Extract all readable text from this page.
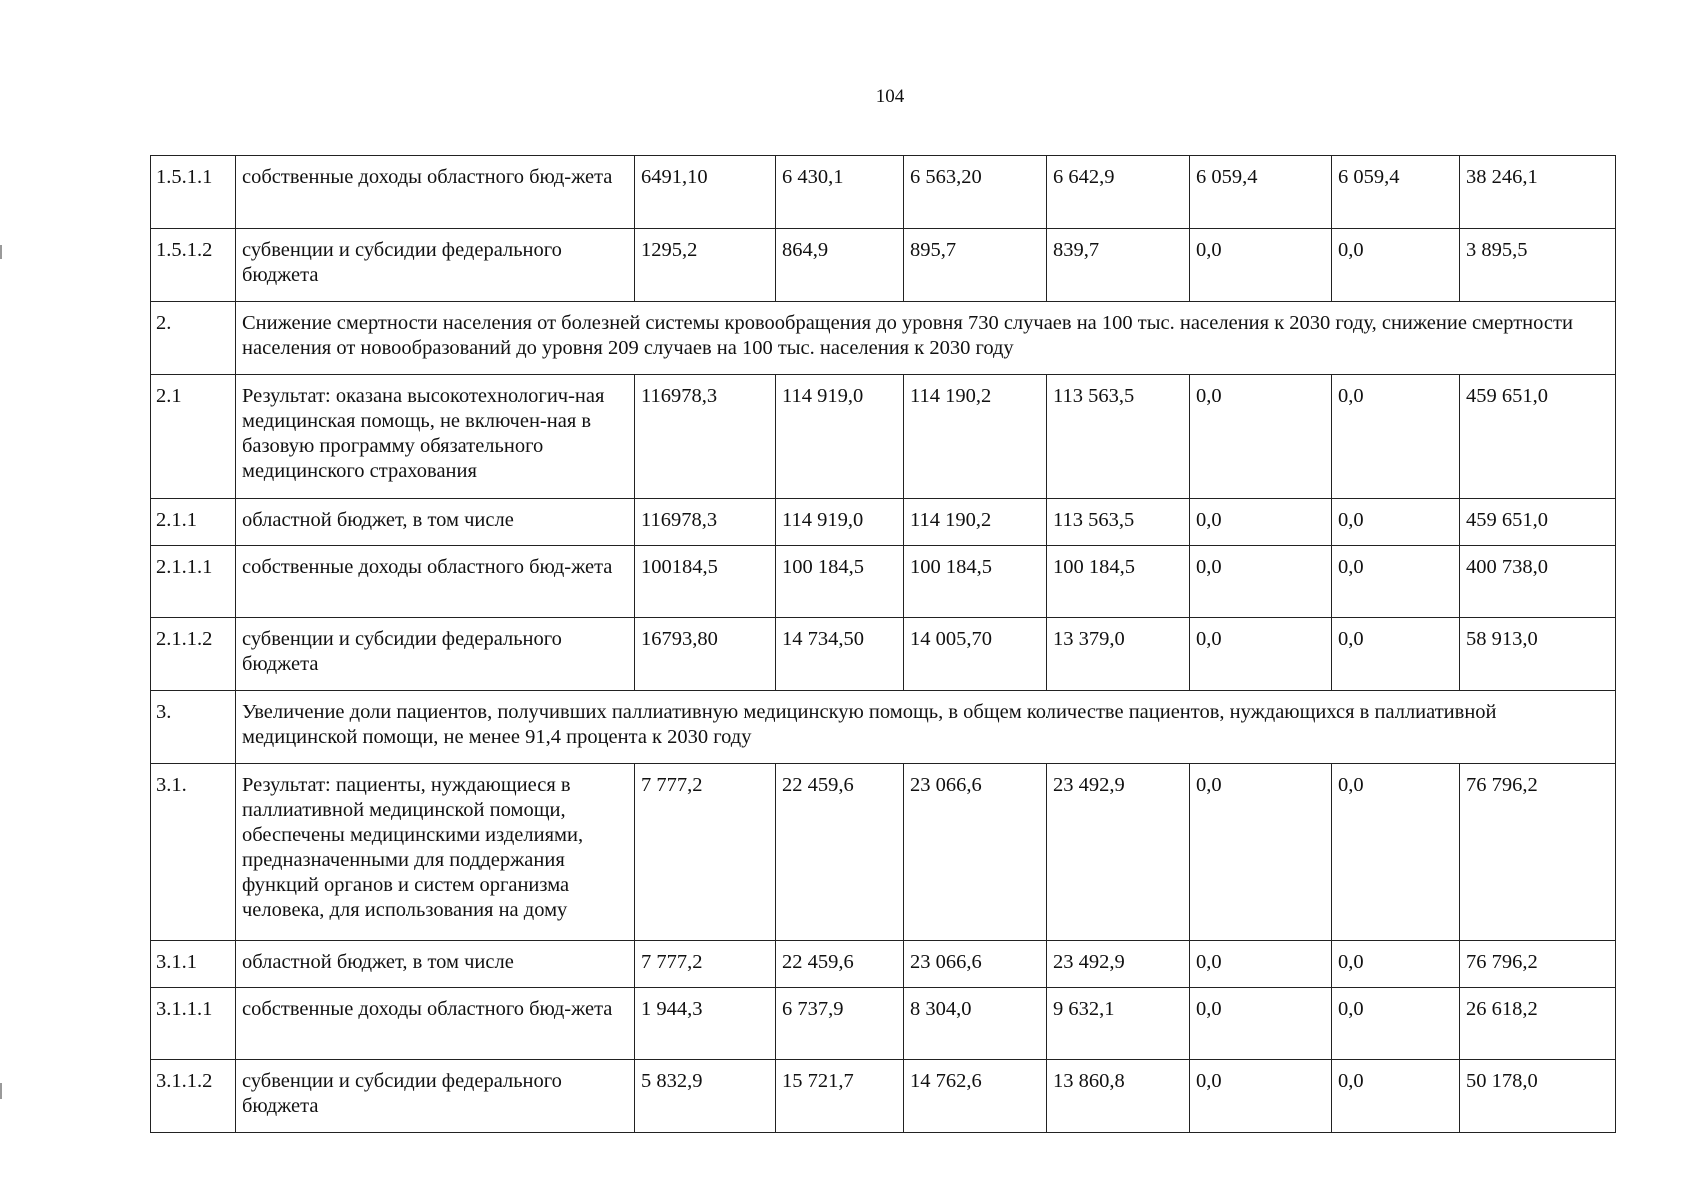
104
1.5.1.1	собственные доходы областного бюд-жета	6491,10	6 430,1	6 563,20	6 642,9	6 059,4	6 059,4	38 246,1
1.5.1.2	субвенции и субсидии федерального бюджета	1295,2	864,9	895,7	839,7	0,0	0,0	3 895,5
2.	Снижение смертности населения от болезней системы кровообращения до уровня 730 случаев на 100 тыс. населения к 2030 году, снижение смертности населения от новообразований до уровня 209 случаев на 100 тыс. населения к 2030 году							
2.1	Результат: оказана высокотехнологич-ная медицинская помощь, не включен-ная в базовую программу обязательного медицинского страхования	116978,3	114 919,0	114 190,2	113 563,5	0,0	0,0	459 651,0
2.1.1	областной бюджет, в том числе	116978,3	114 919,0	114 190,2	113 563,5	0,0	0,0	459 651,0
2.1.1.1	собственные доходы областного бюд-жета	100184,5	100 184,5	100 184,5	100 184,5	0,0	0,0	400 738,0
2.1.1.2	субвенции и субсидии федерального бюджета	16793,80	14 734,50	14 005,70	13 379,0	0,0	0,0	58 913,0
3.	Увеличение доли пациентов, получивших паллиативную медицинскую помощь, в общем количестве пациентов, нуждающихся в паллиативной медицинской помощи, не менее 91,4 процента к 2030 году							
3.1.	Результат: пациенты, нуждающиеся в паллиативной медицинской помощи, обеспечены медицинскими изделиями, предназначенными для поддержания функций органов и систем организма человека, для использования на дому	7 777,2	22 459,6	23 066,6	23 492,9	0,0	0,0	76 796,2
3.1.1	областной бюджет, в том числе	7 777,2	22 459,6	23 066,6	23 492,9	0,0	0,0	76 796,2
3.1.1.1	собственные доходы областного бюд-жета	1 944,3	6 737,9	8 304,0	9 632,1	0,0	0,0	26 618,2
3.1.1.2	субвенции и субсидии федерального бюджета	5 832,9	15 721,7	14 762,6	13 860,8	0,0	0,0	50 178,0
